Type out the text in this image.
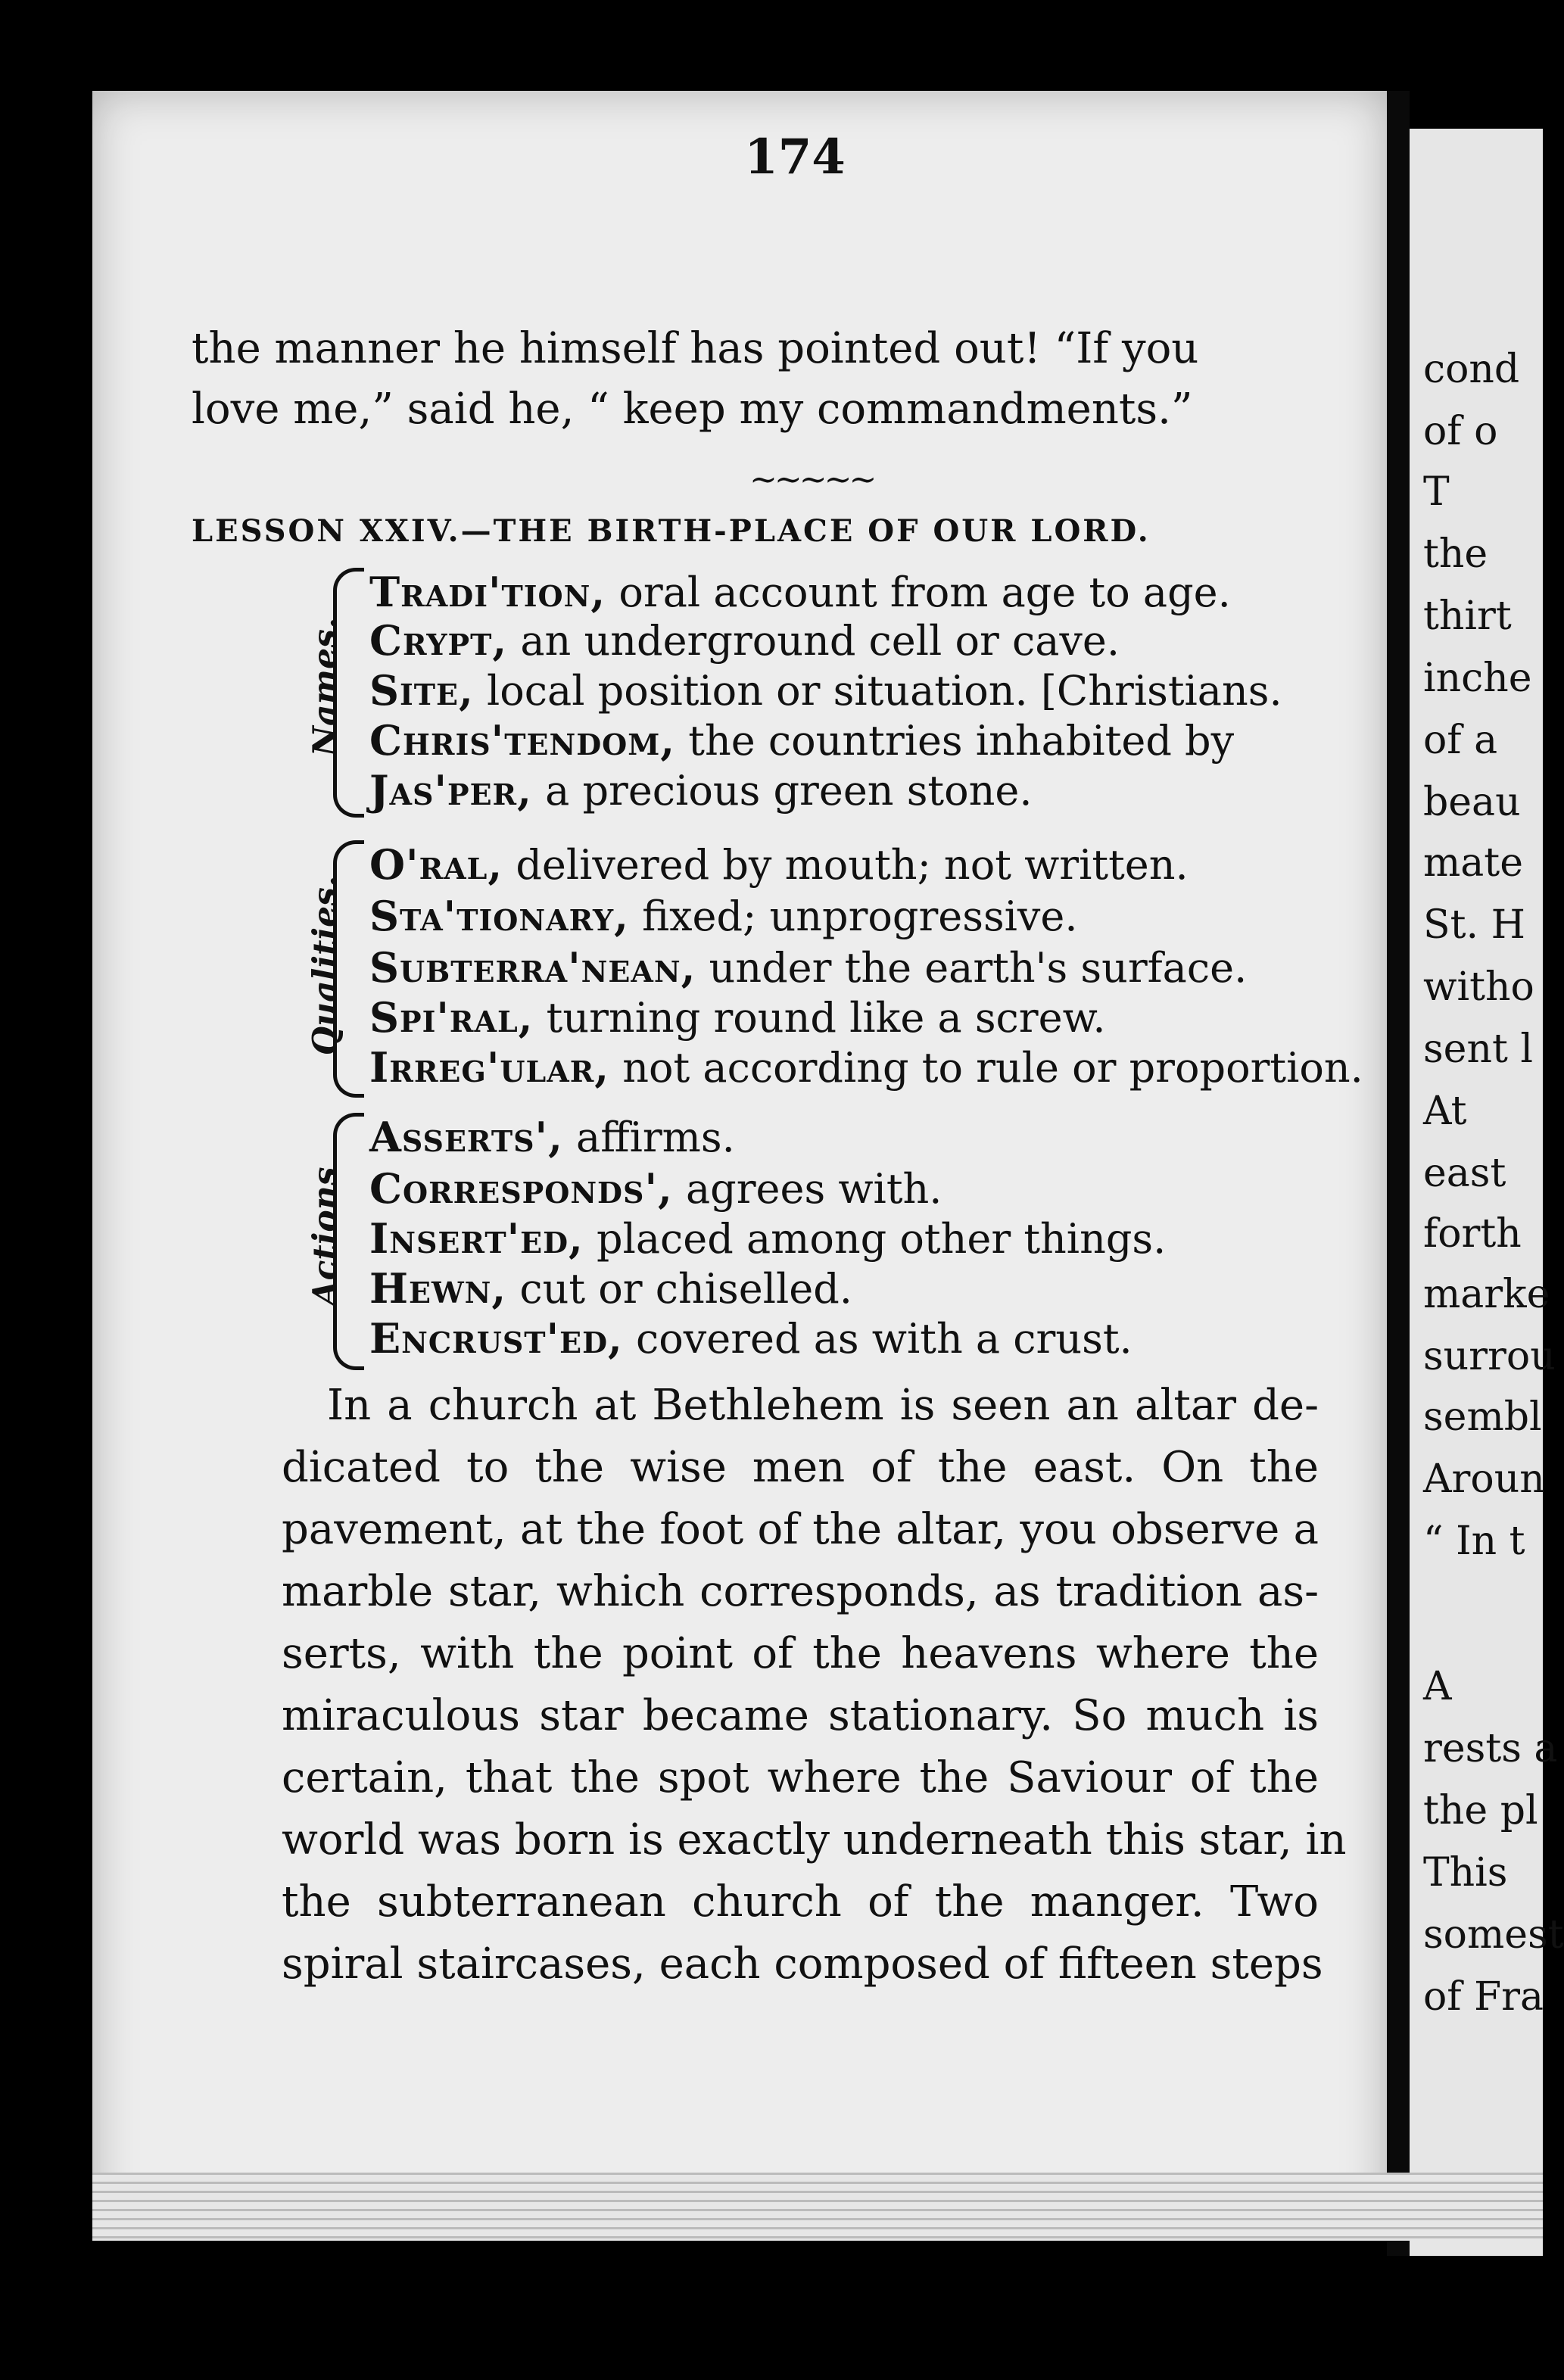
174
the manner he himself has pointed out! “If you
love me,” said he, “ keep my commandments.”
~~~~~
LESSON XXIV.—THE BIRTH-PLACE OF OUR LORD.
Names.
Tradi'tion, oral account from age to age.
Crypt, an underground cell or cave.
Site, local position or situation. [Christians.
Chris'tendom, the countries inhabited by
Jas'per, a precious green stone.
Qualities.
O'ral, delivered by mouth; not written.
Sta'tionary, fixed; unprogressive.
Subterra'nean, under the earth's surface.
Spi'ral, turning round like a screw.
Irreg'ular, not according to rule or proportion.
Actions
Asserts', affirms.
Corresponds', agrees with.
Insert'ed, placed among other things.
Hewn, cut or chiselled.
Encrust'ed, covered as with a crust.
In a church at Bethlehem is seen an altar de-
dicated to the wise men of the east. On the
pavement, at the foot of the altar, you observe a
marble star, which corresponds, as tradition as-
serts, with the point of the heavens where the
miraculous star became stationary. So much is
certain, that the spot where the Saviour of the
world was born is exactly underneath this star, in
the subterranean church of the manger. Two
spiral staircases, each composed of fifteen steps
cond
of o
T
the
thirt
inche
of a
beau
mate
St. H
witho
sent l
At
east
forth
marke
surrou
sembl
Aroun
“ In t
A
rests a
the pl
This
somest
of Fra
